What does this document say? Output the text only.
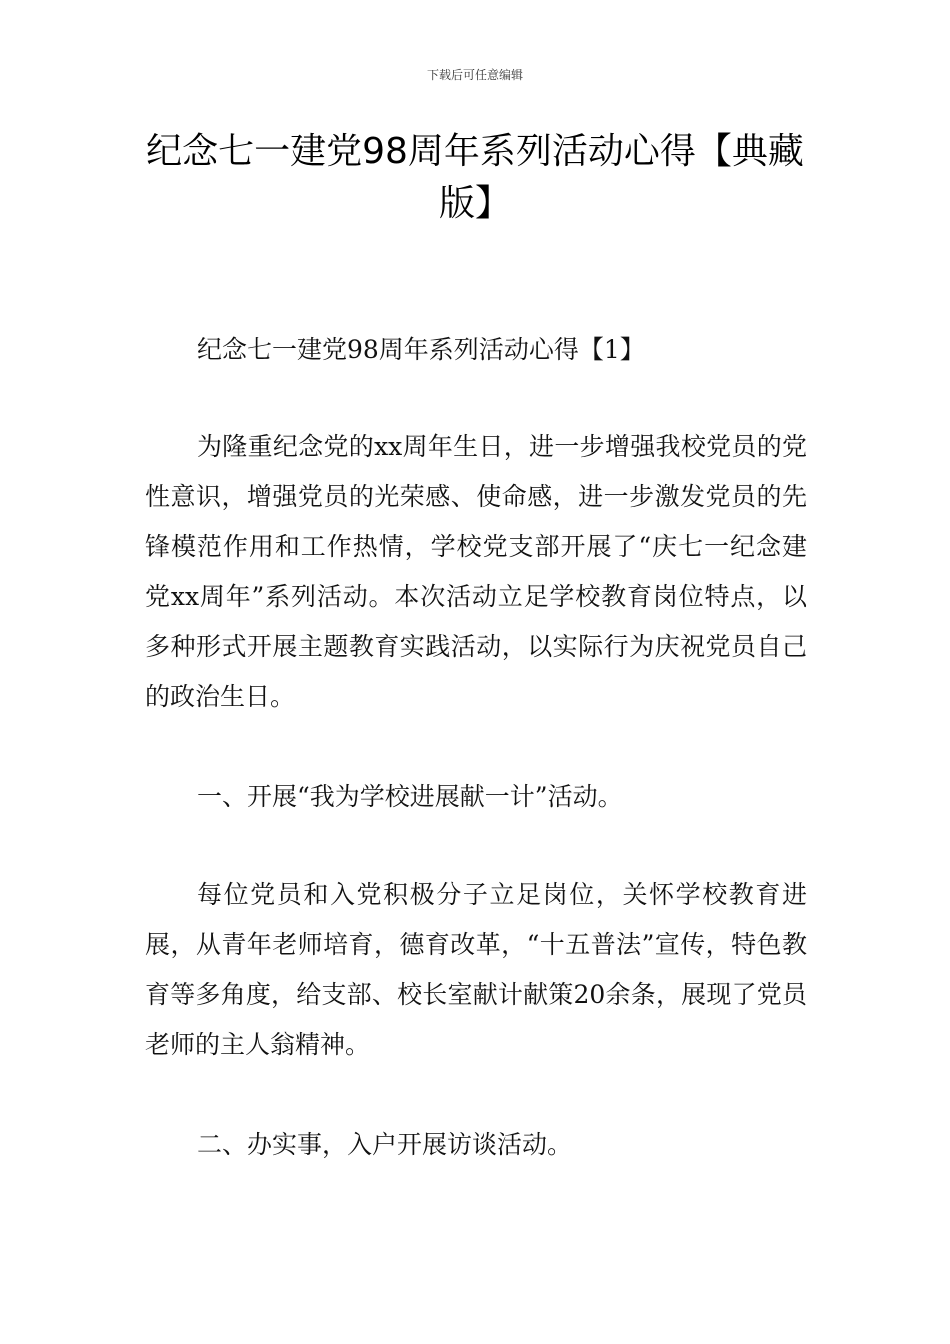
下载后可任意编辑
纪念七一建党98周年系列活动心得【典藏版】

纪念七一建党98周年系列活动心得【1】

为隆重纪念党的xx周年生日，进一步增强我校党员的党性意识，增强党员的光荣感、使命感，进一步激发党员的先锋模范作用和工作热情，学校党支部开展了“庆七一纪念建党xx周年”系列活动。本次活动立足学校教育岗位特点，以多种形式开展主题教育实践活动，以实际行为庆祝党员自己的政治生日。

一、开展“我为学校进展献一计”活动。

每位党员和入党积极分子立足岗位，关怀学校教育进展，从青年老师培育，德育改革，“十五普法”宣传，特色教育等多角度，给支部、校长室献计献策20余条，展现了党员老师的主人翁精神。

二、办实事，入户开展访谈活动。
